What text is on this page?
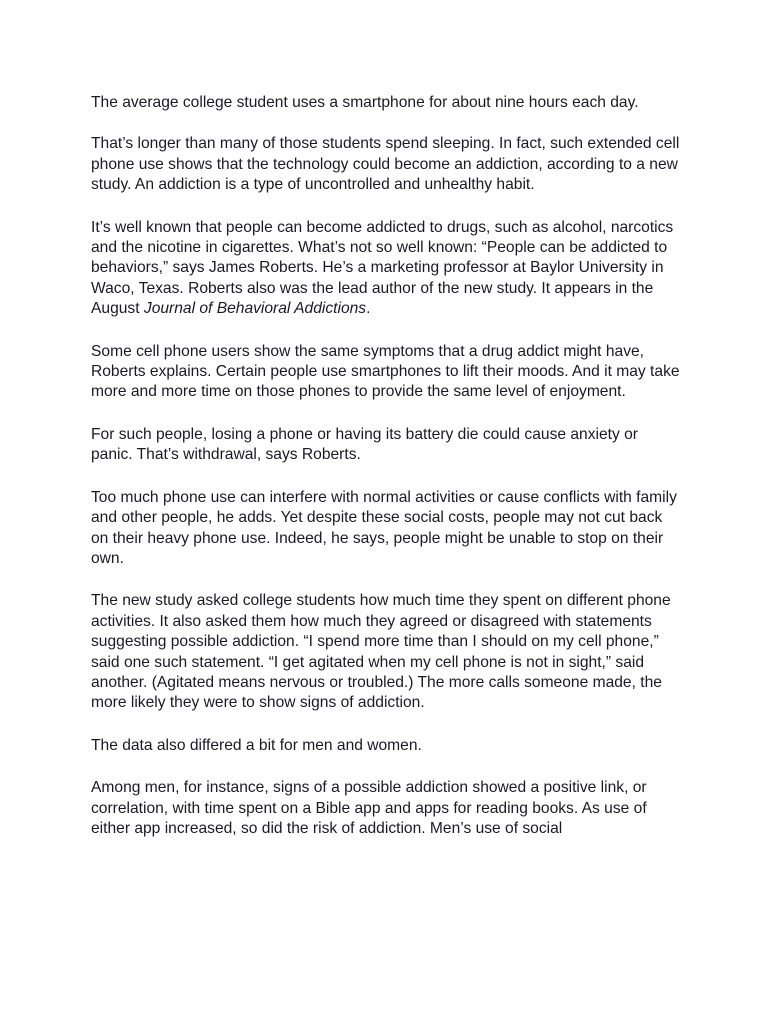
The average college student uses a smartphone for about nine hours each day.

That’s longer than many of those students spend sleeping. In fact, such extended cell phone use shows that the technology could become an addiction, according to a new study. An addiction is a type of uncontrolled and unhealthy habit.

It’s well known that people can become addicted to drugs, such as alcohol, narcotics and the nicotine in cigarettes. What’s not so well known: “People can be addicted to behaviors,” says James Roberts. He’s a marketing professor at Baylor University in Waco, Texas. Roberts also was the lead author of the new study. It appears in the August Journal of Behavioral Addictions.

Some cell phone users show the same symptoms that a drug addict might have, Roberts explains. Certain people use smartphones to lift their moods. And it may take more and more time on those phones to provide the same level of enjoyment.

For such people, losing a phone or having its battery die could cause anxiety or panic. That’s withdrawal, says Roberts.

Too much phone use can interfere with normal activities or cause conflicts with family and other people, he adds. Yet despite these social costs, people may not cut back on their heavy phone use. Indeed, he says, people might be unable to stop on their own.

The new study asked college students how much time they spent on different phone activities. It also asked them how much they agreed or disagreed with statements suggesting possible addiction. “I spend more time than I should on my cell phone,” said one such statement. “I get agitated when my cell phone is not in sight,” said another. (Agitated means nervous or troubled.) The more calls someone made, the more likely they were to show signs of addiction.

The data also differed a bit for men and women.

Among men, for instance, signs of a possible addiction showed a positive link, or correlation, with time spent on a Bible app and apps for reading books. As use of either app increased, so did the risk of addiction. Men’s use of social
